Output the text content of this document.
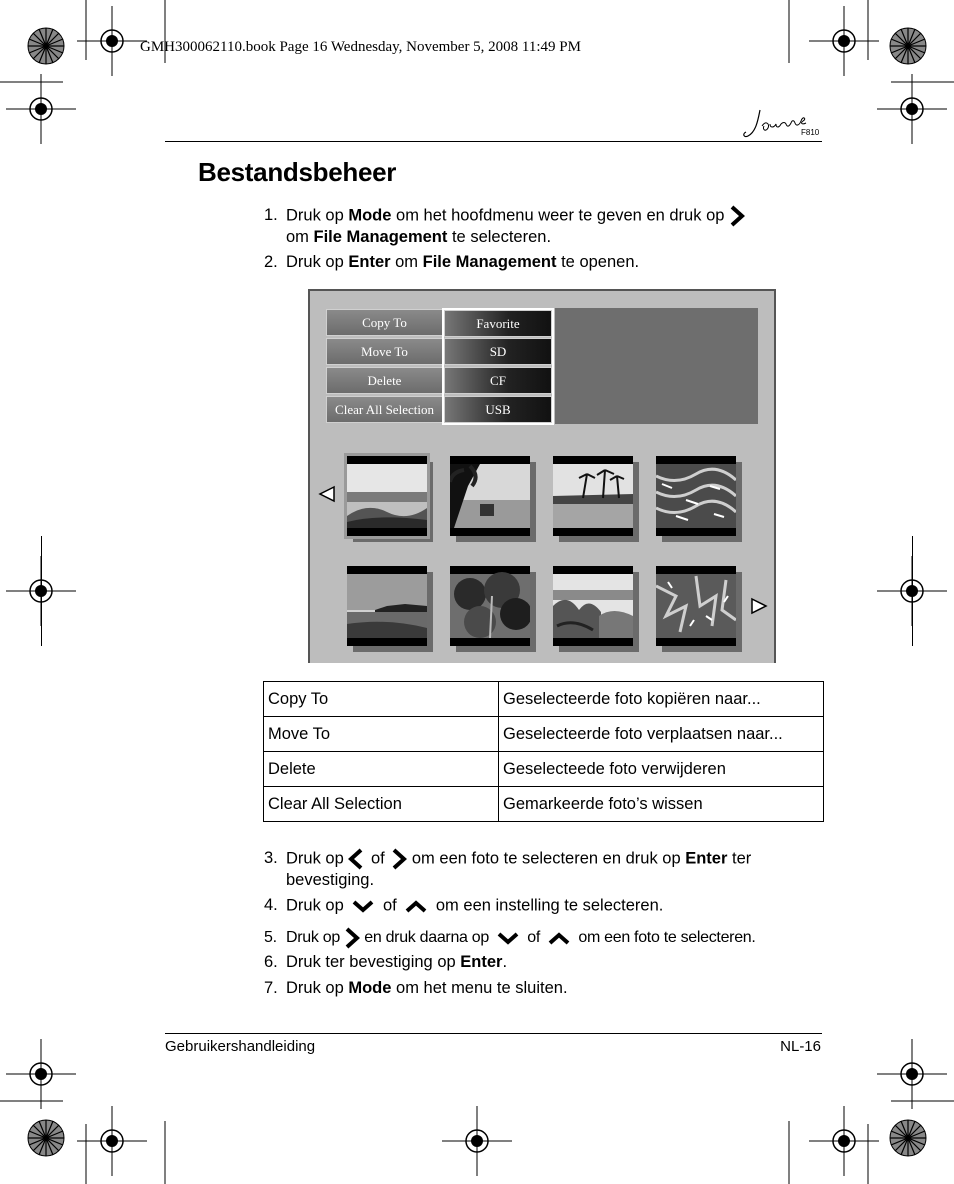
GMH300062110.book Page 16 Wednesday, November 5, 2008 11:49 PM
F810
Bestandsbeheer
1. Druk op Mode om het hoofdmenu weer te geven en druk op
om File Management te selecteren.
2. Druk op Enter om File Management te openen.
Copy To
Move To
Delete
Clear All Selection
Favorite
SD
CF
USB
Copy To	Geselecteerde foto kopiëren naar...
Move To	Geselecteerde foto verplaatsen naar...
Delete	Geselecteede foto verwijderen
Clear All Selection	Gemarkeerde foto’s wissen
3. Druk op  of  om een foto te selecteren en druk op Enter ter
bevestiging.
4. Druk op  of  om een instelling te selecteren.
5. Druk op  en druk daarna op  of  om een foto te selecteren.
6. Druk ter bevestiging op Enter.
7. Druk op Mode om het menu te sluiten.
Gebruikershandleiding	NL-16
